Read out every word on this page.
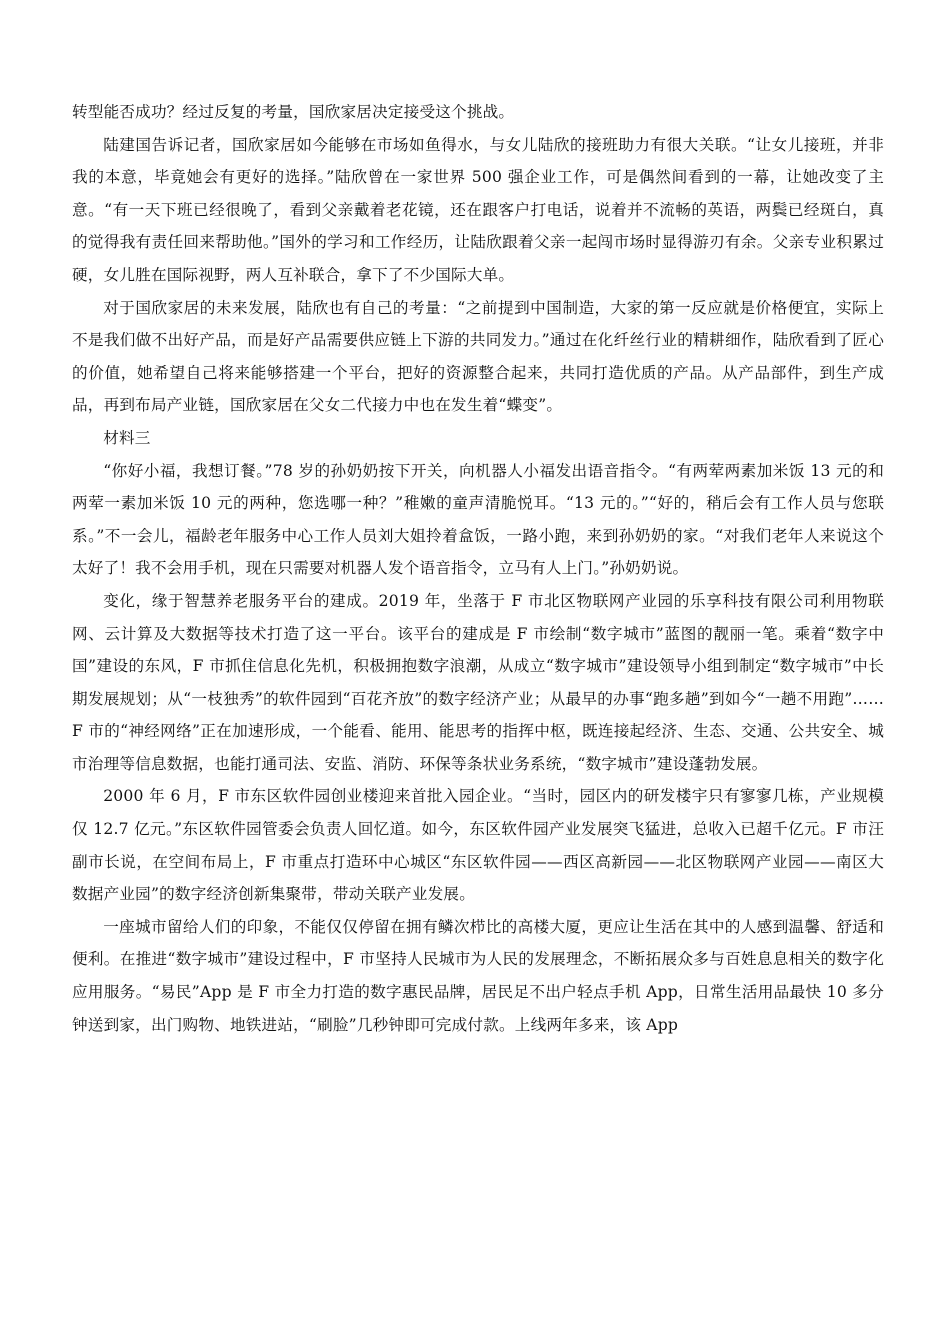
转型能否成功？经过反复的考量，国欣家居决定接受这个挑战。

陆建国告诉记者，国欣家居如今能够在市场如鱼得水，与女儿陆欣的接班助力有很大关联。“让女儿接班，并非我的本意，毕竟她会有更好的选择。”陆欣曾在一家世界 500 强企业工作，可是偶然间看到的一幕，让她改变了主意。“有一天下班已经很晚了，看到父亲戴着老花镜，还在跟客户打电话，说着并不流畅的英语，两鬓已经斑白，真的觉得我有责任回来帮助他。”国外的学习和工作经历，让陆欣跟着父亲一起闯市场时显得游刃有余。父亲专业积累过硬，女儿胜在国际视野，两人互补联合，拿下了不少国际大单。

对于国欣家居的未来发展，陆欣也有自己的考量：“之前提到中国制造，大家的第一反应就是价格便宜，实际上不是我们做不出好产品，而是好产品需要供应链上下游的共同发力。”通过在化纤丝行业的精耕细作，陆欣看到了匠心的价值，她希望自己将来能够搭建一个平台，把好的资源整合起来，共同打造优质的产品。从产品部件，到生产成品，再到布局产业链，国欣家居在父女二代接力中也在发生着“蝶变”。

材料三

“你好小福，我想订餐。”78 岁的孙奶奶按下开关，向机器人小福发出语音指令。“有两荤两素加米饭 13 元的和两荤一素加米饭 10 元的两种，您选哪一种？”稚嫩的童声清脆悦耳。“13 元的。”“好的，稍后会有工作人员与您联系。”不一会儿，福龄老年服务中心工作人员刘大姐拎着盒饭，一路小跑，来到孙奶奶的家。“对我们老年人来说这个太好了！我不会用手机，现在只需要对机器人发个语音指令，立马有人上门。”孙奶奶说。

变化，缘于智慧养老服务平台的建成。2019 年，坐落于 F 市北区物联网产业园的乐享科技有限公司利用物联网、云计算及大数据等技术打造了这一平台。该平台的建成是 F 市绘制“数字城市”蓝图的靓丽一笔。乘着“数字中国”建设的东风，F 市抓住信息化先机，积极拥抱数字浪潮，从成立“数字城市”建设领导小组到制定“数字城市”中长期发展规划；从“一枝独秀”的软件园到“百花齐放”的数字经济产业；从最早的办事“跑多趟”到如今“一趟不用跑”……F 市的“神经网络”正在加速形成，一个能看、能用、能思考的指挥中枢，既连接起经济、生态、交通、公共安全、城市治理等信息数据，也能打通司法、安监、消防、环保等条状业务系统，“数字城市”建设蓬勃发展。

2000 年 6 月，F 市东区软件园创业楼迎来首批入园企业。“当时，园区内的研发楼宇只有寥寥几栋，产业规模仅 12.7 亿元。”东区软件园管委会负责人回忆道。如今，东区软件园产业发展突飞猛进，总收入已超千亿元。F 市汪副市长说，在空间布局上，F 市重点打造环中心城区“东区软件园——西区高新园——北区物联网产业园——南区大数据产业园”的数字经济创新集聚带，带动关联产业发展。

一座城市留给人们的印象，不能仅仅停留在拥有鳞次栉比的高楼大厦，更应让生活在其中的人感到温馨、舒适和便利。在推进“数字城市”建设过程中，F 市坚持人民城市为人民的发展理念，不断拓展众多与百姓息息相关的数字化应用服务。“易民”App 是 F 市全力打造的数字惠民品牌，居民足不出户轻点手机 App，日常生活用品最快 10 多分钟送到家，出门购物、地铁进站，“刷脸”几秒钟即可完成付款。上线两年多来，该 App
